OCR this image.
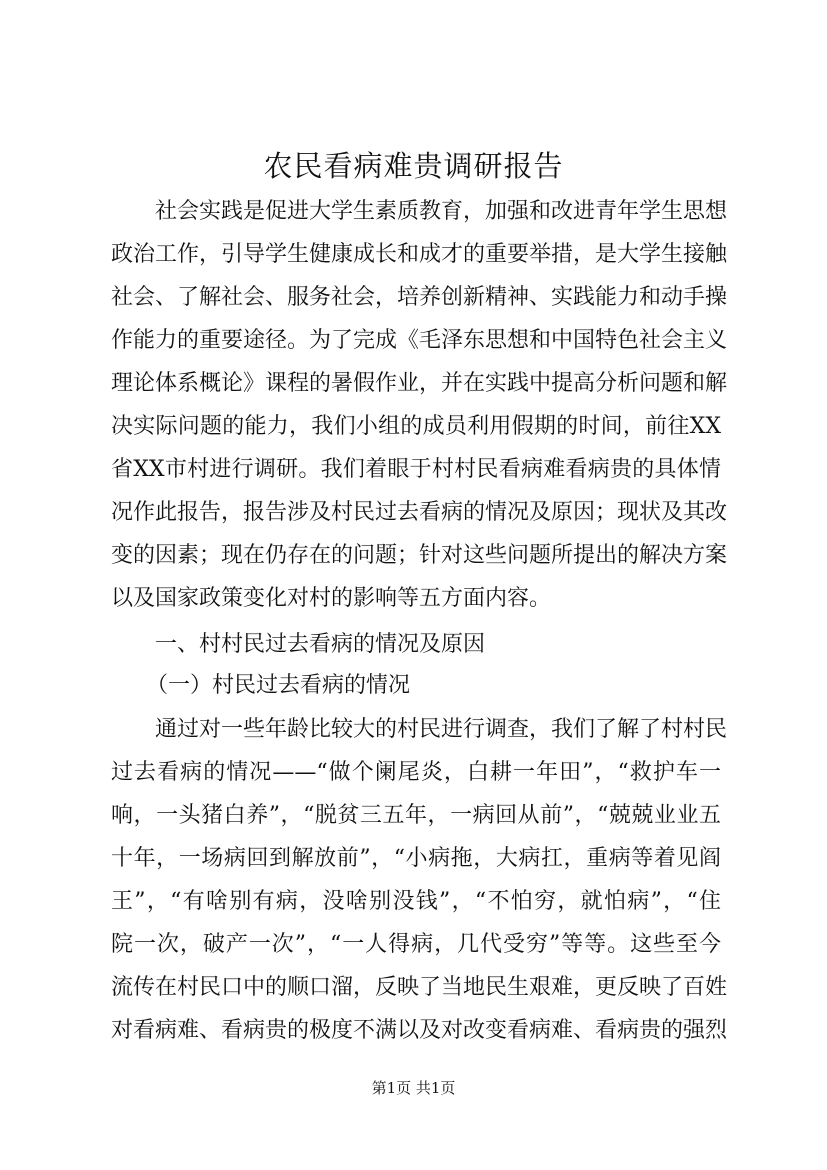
农民看病难贵调研报告

社会实践是促进大学生素质教育，加强和改进青年学生思想

政治工作，引导学生健康成长和成才的重要举措，是大学生接触

社会、了解社会、服务社会，培养创新精神、实践能力和动手操

作能力的重要途径。为了完成《毛泽东思想和中国特色社会主义

理论体系概论》课程的暑假作业，并在实践中提高分析问题和解

决实际问题的能力，我们小组的成员利用假期的时间，前往XX

省XX市村进行调研。我们着眼于村村民看病难看病贵的具体情

况作此报告，报告涉及村民过去看病的情况及原因；现状及其改

变的因素；现在仍存在的问题；针对这些问题所提出的解决方案

以及国家政策变化对村的影响等五方面内容。

一、村村民过去看病的情况及原因

（一）村民过去看病的情况

通过对一些年龄比较大的村民进行调查，我们了解了村村民

过去看病的情况——“做个阑尾炎，白耕一年田”，“救护车一

响，一头猪白养”，“脱贫三五年，一病回从前”，“兢兢业业五

十年，一场病回到解放前”，“小病拖，大病扛，重病等着见阎

王”，“有啥别有病，没啥别没钱”，“不怕穷，就怕病”，“住

院一次，破产一次”，“一人得病，几代受穷”等等。这些至今

流传在村民口中的顺口溜，反映了当地民生艰难，更反映了百姓

对看病难、看病贵的极度不满以及对改变看病难、看病贵的强烈

第1页 共1页
